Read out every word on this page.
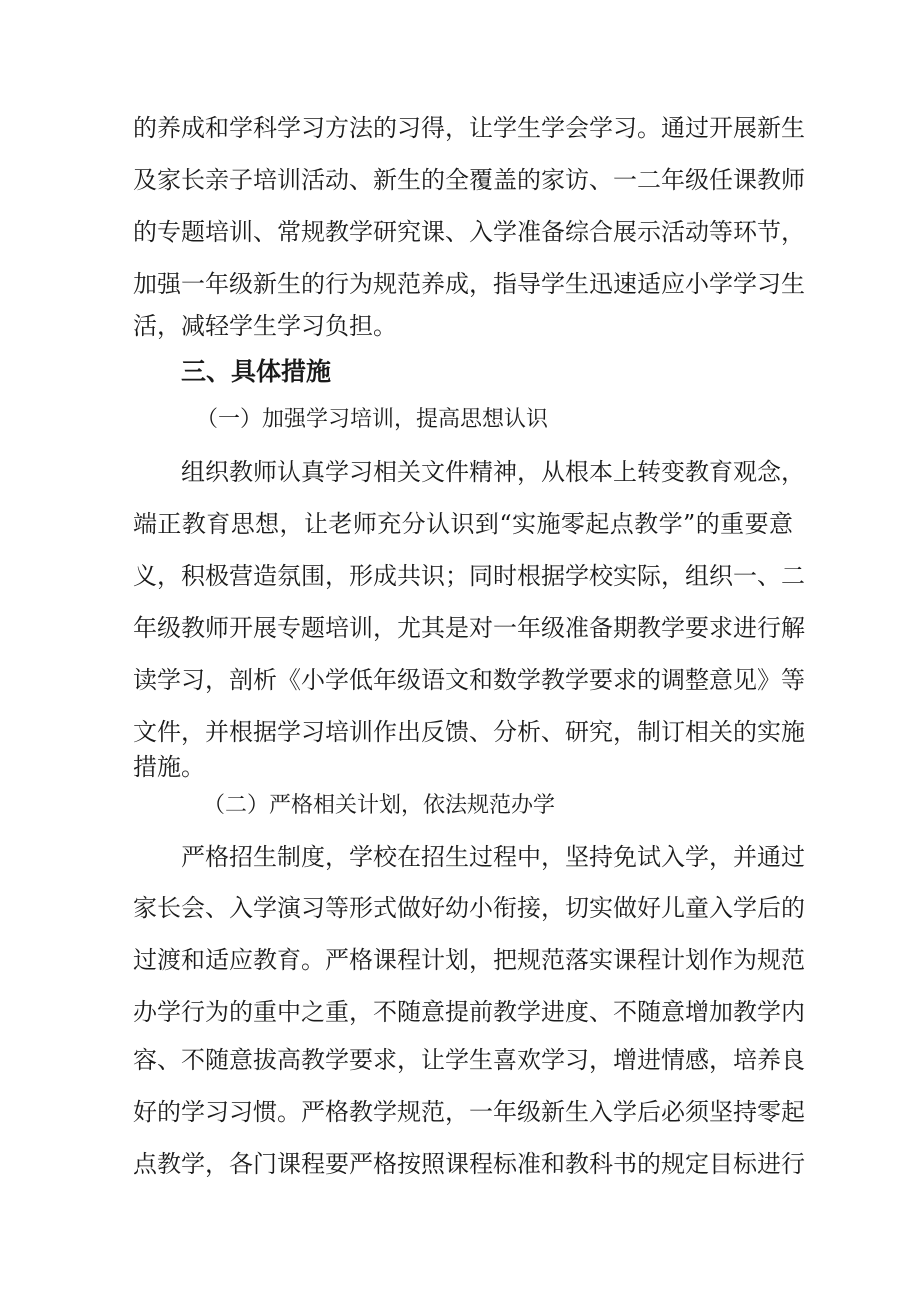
的养成和学科学习方法的习得，让学生学会学习。通过开展新生
及家长亲子培训活动、新生的全覆盖的家访、一二年级任课教师
的专题培训、常规教学研究课、入学准备综合展示活动等环节，
加强一年级新生的行为规范养成，指导学生迅速适应小学学习生
活，减轻学生学习负担。
三、具体措施
（一）加强学习培训，提高思想认识
组织教师认真学习相关文件精神，从根本上转变教育观念，
端正教育思想，让老师充分认识到“实施零起点教学”的重要意
义，积极营造氛围，形成共识；同时根据学校实际，组织一、二
年级教师开展专题培训，尤其是对一年级准备期教学要求进行解
读学习，剖析《小学低年级语文和数学教学要求的调整意见》等
文件，并根据学习培训作出反馈、分析、研究，制订相关的实施
措施。
（二）严格相关计划，依法规范办学
严格招生制度，学校在招生过程中，坚持免试入学，并通过
家长会、入学演习等形式做好幼小衔接，切实做好儿童入学后的
过渡和适应教育。严格课程计划，把规范落实课程计划作为规范
办学行为的重中之重，不随意提前教学进度、不随意增加教学内
容、不随意拔高教学要求，让学生喜欢学习，增进情感，培养良
好的学习习惯。严格教学规范，一年级新生入学后必须坚持零起
点教学，各门课程要严格按照课程标准和教科书的规定目标进行
